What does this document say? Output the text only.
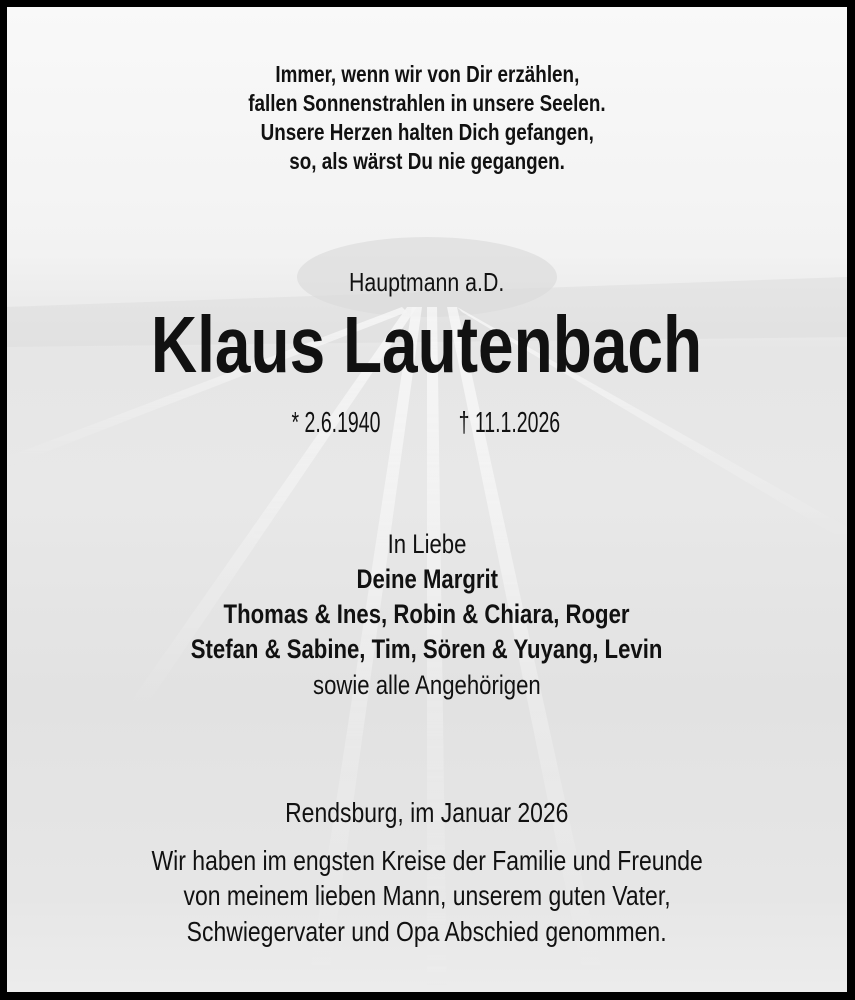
Immer, wenn wir von Dir erzählen,
fallen Sonnenstrahlen in unsere Seelen.
Unsere Herzen halten Dich gefangen,
so, als wärst Du nie gegangen.
Hauptmann a.D.
Klaus Lautenbach
* 2.6.1940	† 11.1.2026
In Liebe
Deine Margrit
Thomas & Ines, Robin & Chiara, Roger
Stefan & Sabine, Tim, Sören & Yuyang, Levin
sowie alle Angehörigen
Rendsburg, im Januar 2026
Wir haben im engsten Kreise der Familie und Freunde
von meinem lieben Mann, unserem guten Vater,
Schwiegervater und Opa Abschied genommen.
